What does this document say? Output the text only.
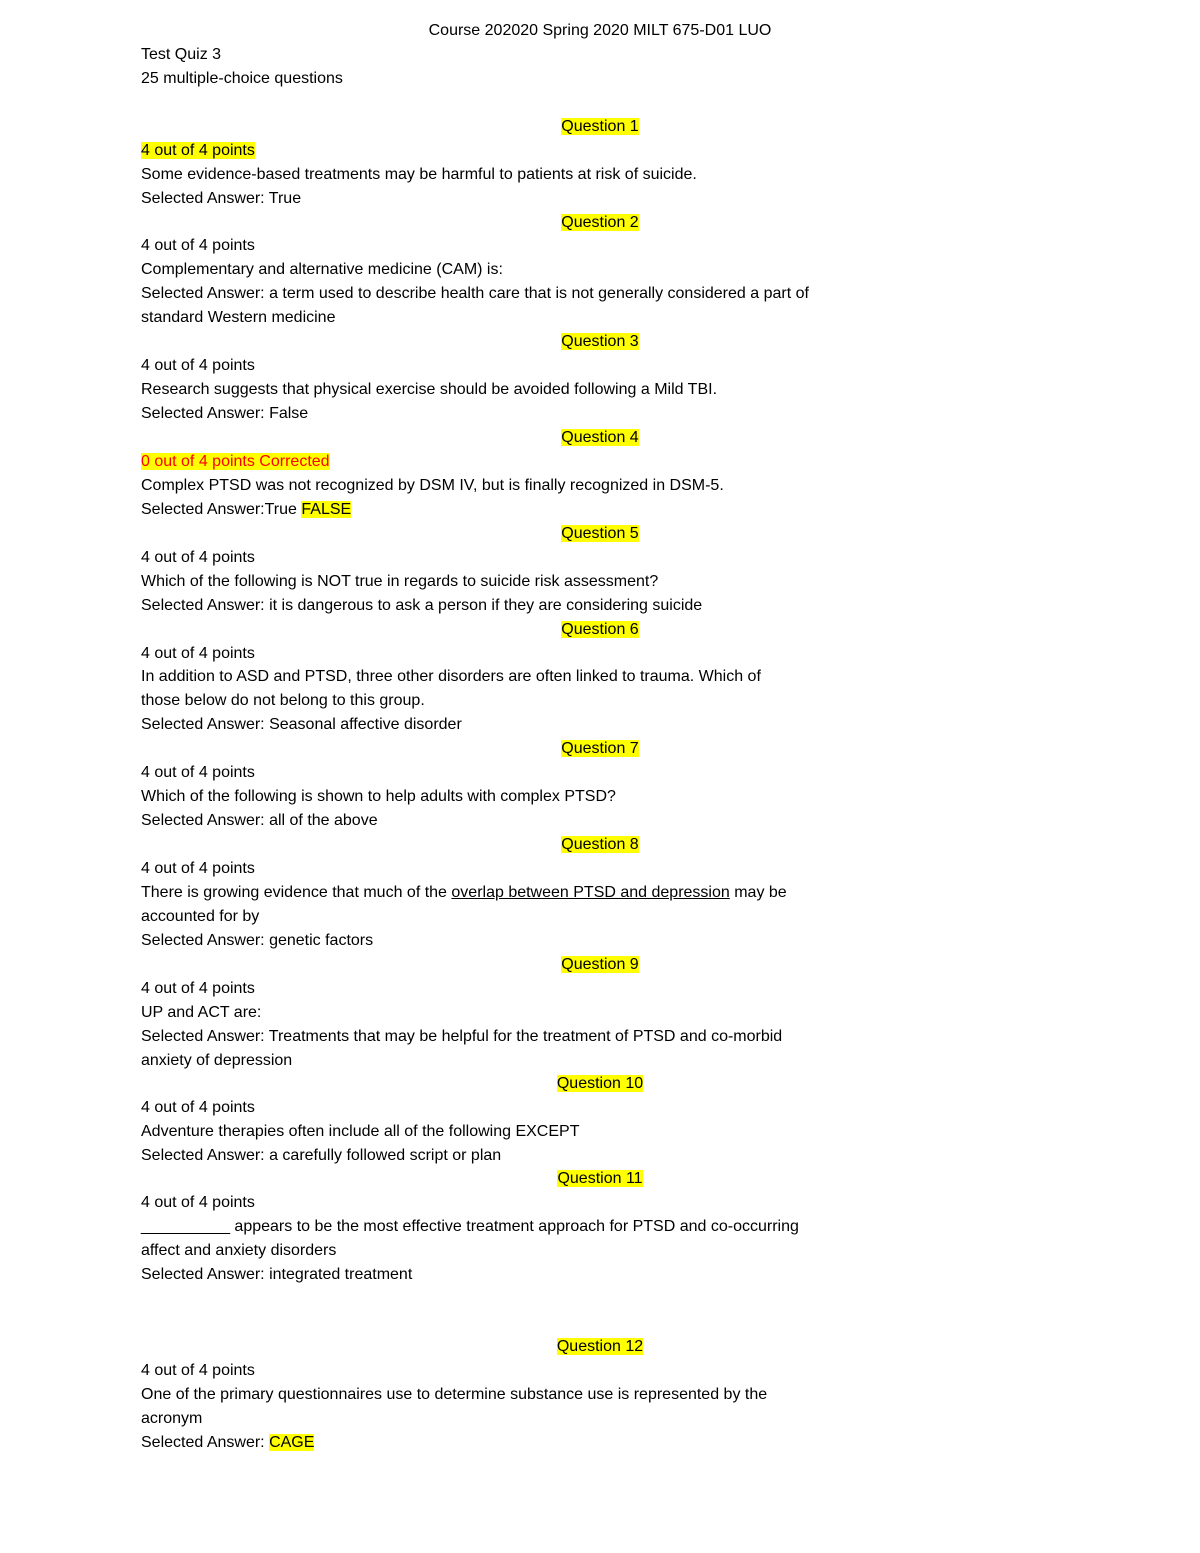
Course 202020 Spring 2020 MILT 675-D01 LUO
Test Quiz 3
25 multiple-choice questions
Question 1
4 out of 4 points
Some evidence-based treatments may be harmful to patients at risk of suicide.
Selected Answer: True
Question 2
4 out of 4 points
Complementary and alternative medicine (CAM) is:
Selected Answer: a term used to describe health care that is not generally considered a part of
standard Western medicine
Question 3
4 out of 4 points
Research suggests that physical exercise should be avoided following a Mild TBI.
Selected Answer: False
Question 4
0 out of 4 points Corrected
Complex PTSD was not recognized by DSM IV, but is finally recognized in DSM-5.
Selected Answer:True FALSE
Question 5
4 out of 4 points
Which of the following is NOT true in regards to suicide risk assessment?
Selected Answer: it is dangerous to ask a person if they are considering suicide
Question 6
4 out of 4 points
In addition to ASD and PTSD, three other disorders are often linked to trauma. Which of
those below do not belong to this group.
Selected Answer: Seasonal affective disorder
Question 7
4 out of 4 points
Which of the following is shown to help adults with complex PTSD?
Selected Answer: all of the above
Question 8
4 out of 4 points
There is growing evidence that much of the overlap between PTSD and depression may be
accounted for by
Selected Answer: genetic factors
Question 9
4 out of 4 points
UP and ACT are:
Selected Answer: Treatments that may be helpful for the treatment of PTSD and co-morbid
anxiety of depression
Question 10
4 out of 4 points
Adventure therapies often include all of the following EXCEPT
Selected Answer: a carefully followed script or plan
Question 11
4 out of 4 points
__________ appears to be the most effective treatment approach for PTSD and co-occurring
affect and anxiety disorders
Selected Answer: integrated treatment
Question 12
4 out of 4 points
One of the primary questionnaires use to determine substance use is represented by the
acronym
Selected Answer: CAGE
